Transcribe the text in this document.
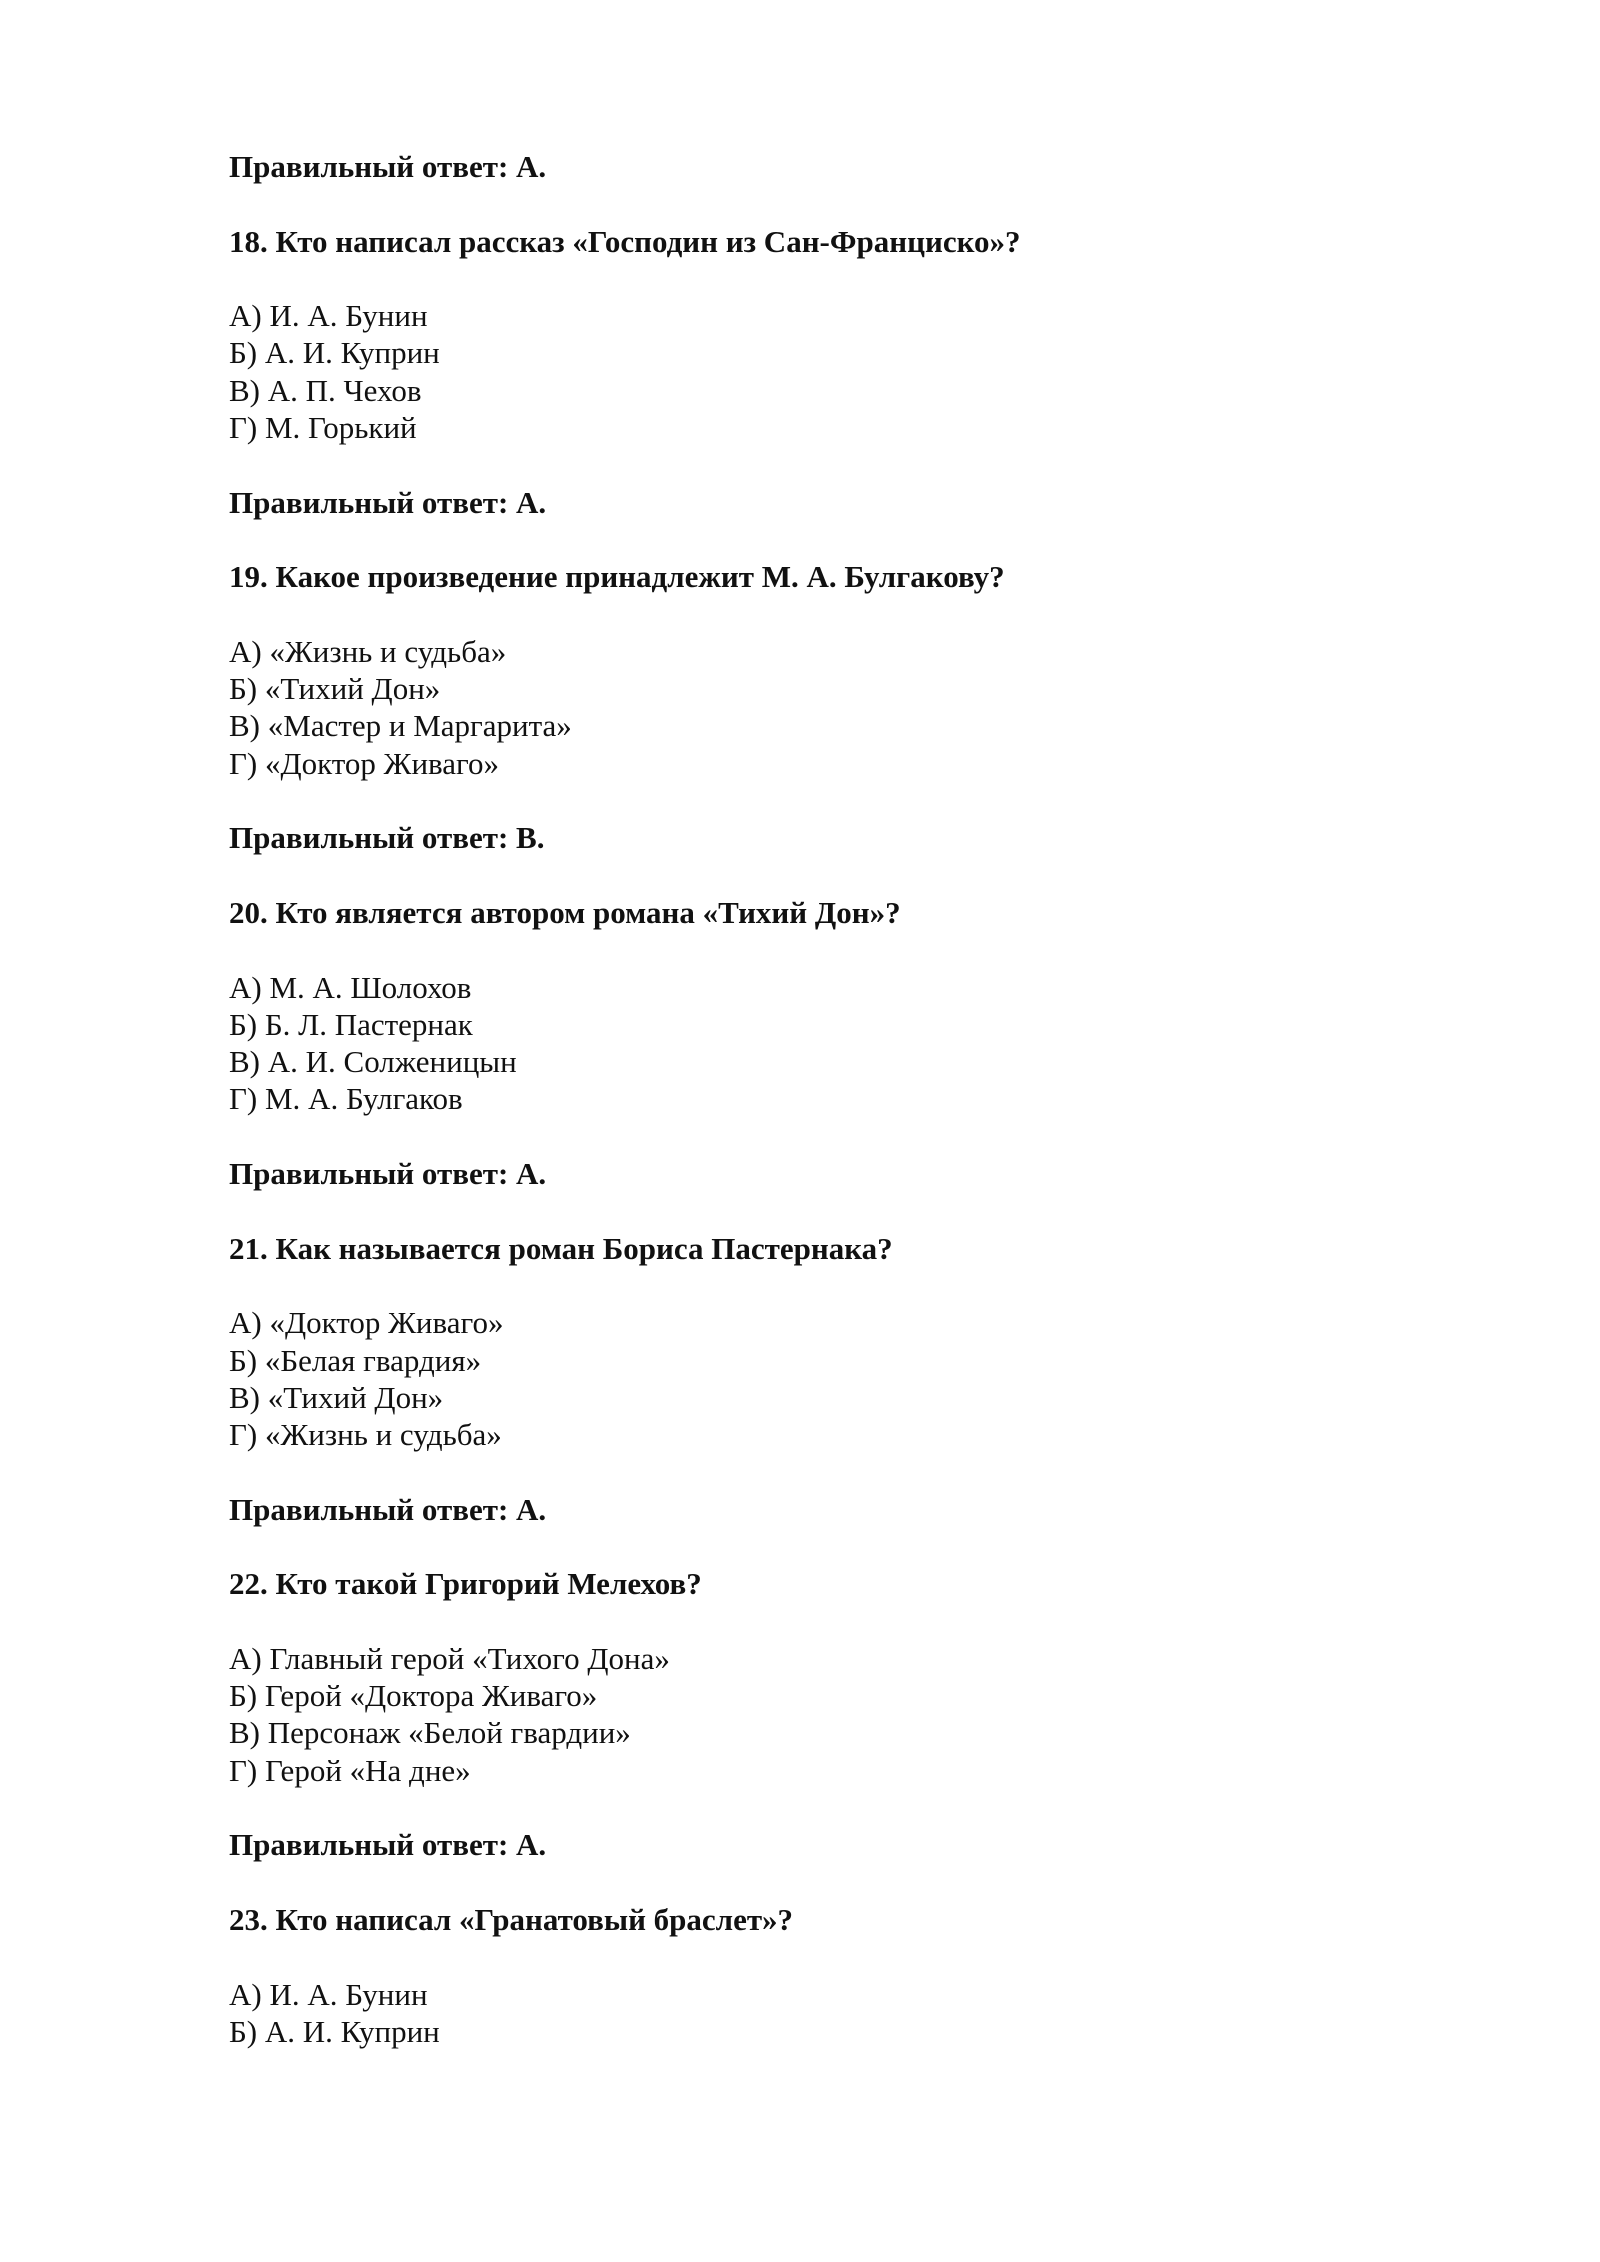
Правильный ответ: А.
18. Кто написал рассказ «Господин из Сан-Франциско»?
А) И. А. Бунин
Б) А. И. Куприн
В) А. П. Чехов
Г) М. Горький
Правильный ответ: А.
19. Какое произведение принадлежит М. А. Булгакову?
А) «Жизнь и судьба»
Б) «Тихий Дон»
В) «Мастер и Маргарита»
Г) «Доктор Живаго»
Правильный ответ: В.
20. Кто является автором романа «Тихий Дон»?
А) М. А. Шолохов
Б) Б. Л. Пастернак
В) А. И. Солженицын
Г) М. А. Булгаков
Правильный ответ: А.
21. Как называется роман Бориса Пастернака?
А) «Доктор Живаго»
Б) «Белая гвардия»
В) «Тихий Дон»
Г) «Жизнь и судьба»
Правильный ответ: А.
22. Кто такой Григорий Мелехов?
А) Главный герой «Тихого Дона»
Б) Герой «Доктора Живаго»
В) Персонаж «Белой гвардии»
Г) Герой «На дне»
Правильный ответ: А.
23. Кто написал «Гранатовый браслет»?
А) И. А. Бунин
Б) А. И. Куприн
